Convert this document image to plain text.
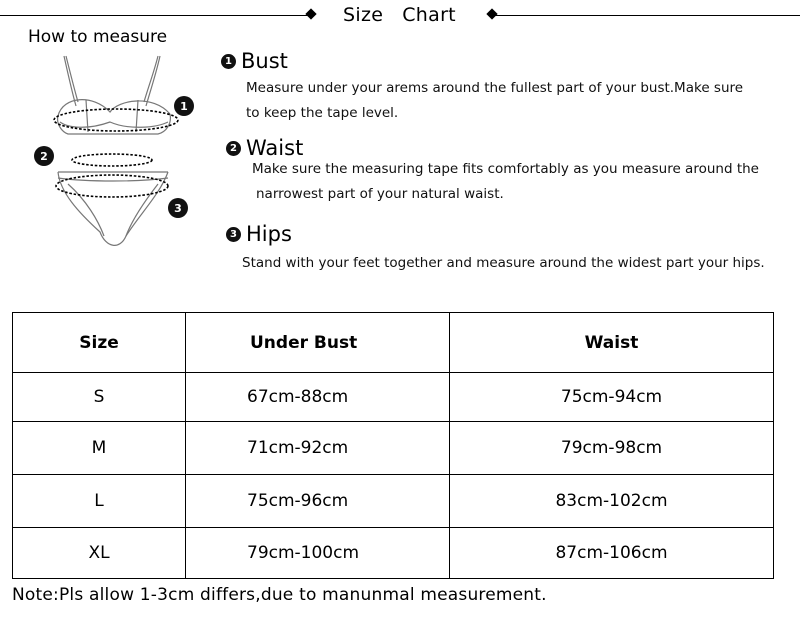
Size   Chart
How to measure
1
2
3
1 Bust
Measure under your arems around the fullest part of your bust.Make sure
to keep the tape level.
2 Waist
Make sure the measuring tape fits comfortably as you measure around the
narrowest part of your natural waist.
3 Hips
Stand with your feet together and measure around the widest part your hips.
Size	Under Bust	Waist
S	67cm-88cm	75cm-94cm
M	71cm-92cm	79cm-98cm
L	75cm-96cm	83cm-102cm
XL	79cm-100cm	87cm-106cm
Note:Pls allow 1-3cm differs,due to manunmal measurement.
